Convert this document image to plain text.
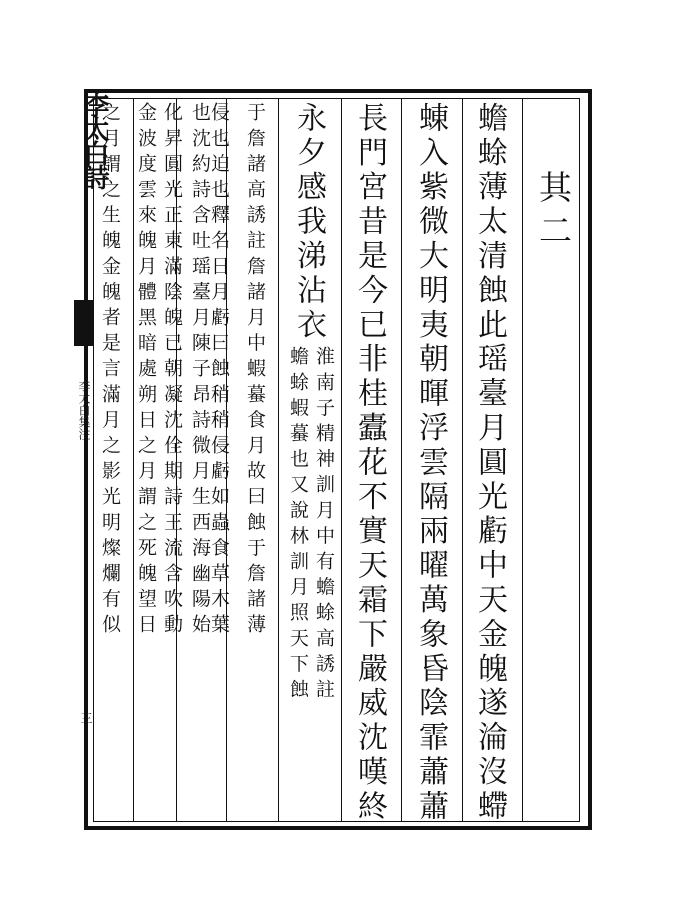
李太白詩
李太白集注
三
其二
蟾蜍薄太清蝕此瑶臺月圓光虧中天金魄遂淪沒螮
蝀入紫微大明夷朝暉浮雲隔兩曜萬象昏陰霏蕭蕭
長門宮昔是今已非桂蠹花不實天霜下嚴威沈嘆終
永夕感我涕沾衣
淮南子精神訓月中有蟾蜍高誘註
蟾蜍蝦蟇也又說林訓月照天下蝕
于詹諸高誘註詹諸月中蝦蟇食月故曰蝕于詹諸薄
侵也迫也釋名日月虧曰蝕稍稍侵虧如蟲食草木葉
也沈約詩含吐瑶臺月陳子昂詩微月生西海幽陽始
化昇圓光正東滿陰魄已朝凝沈佺期詩王流含吹動
金波度雲來魄月體黑暗處朔日之月謂之死魄望日
之月謂之生魄金魄者是言滿月之影光明燦爛有似
